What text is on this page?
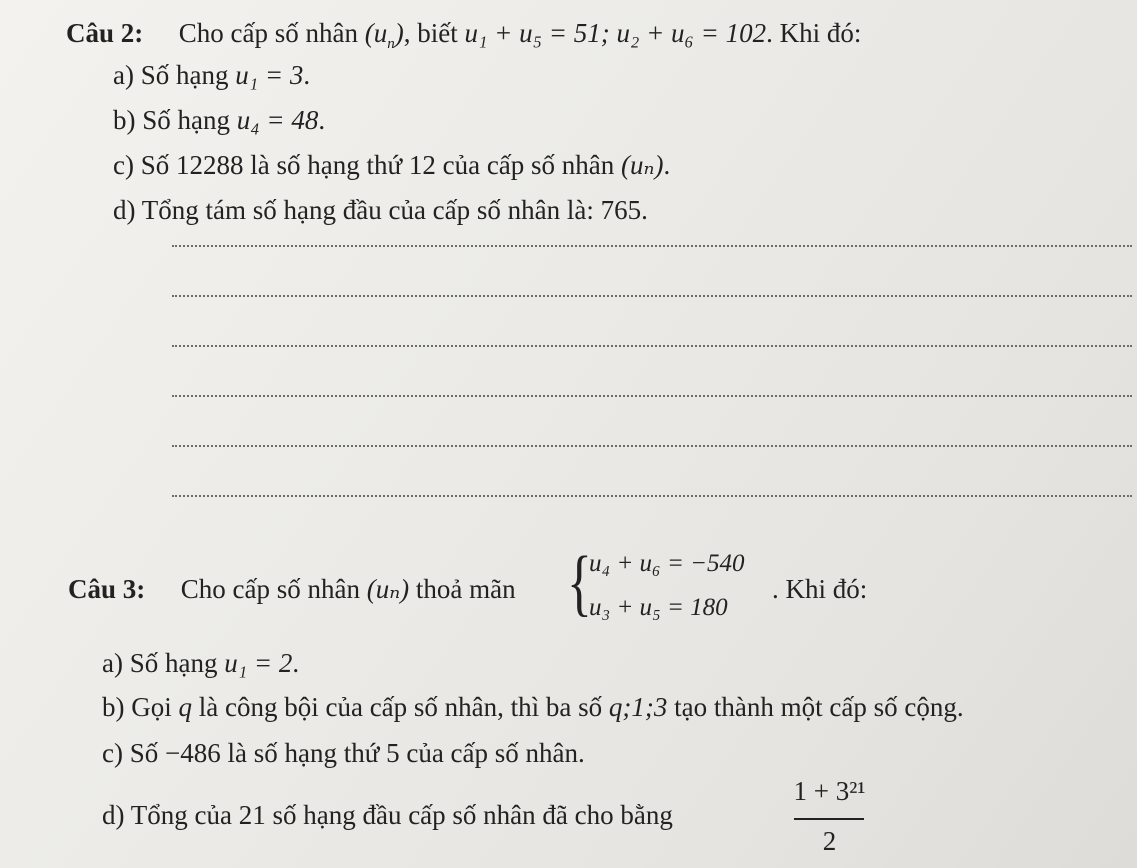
Câu 2: Cho cấp số nhân $(u_n)$, biết u₁ + u₅ = 51; u₂ + u₆ = 102. Khi đó:
a) Số hạng u₁ = 3.
b) Số hạng u₄ = 48.
c) Số 12288 là số hạng thứ 12 của cấp số nhân (uₙ).
d) Tổng tám số hạng đầu của cấp số nhân là: 765.
Câu 3: Cho cấp số nhân (uₙ) thoả mãn {
u₄ + u₆ = −540
u₃ + u₅ = 180
. Khi đó:
a) Số hạng u₁ = 2.
b) Gọi q là công bội của cấp số nhân, thì ba số q;1;3 tạo thành một cấp số cộng.
c) Số −486 là số hạng thứ 5 của cấp số nhân.
d) Tổng của 21 số hạng đầu cấp số nhân đã cho bằng
1 + 3²¹
2
